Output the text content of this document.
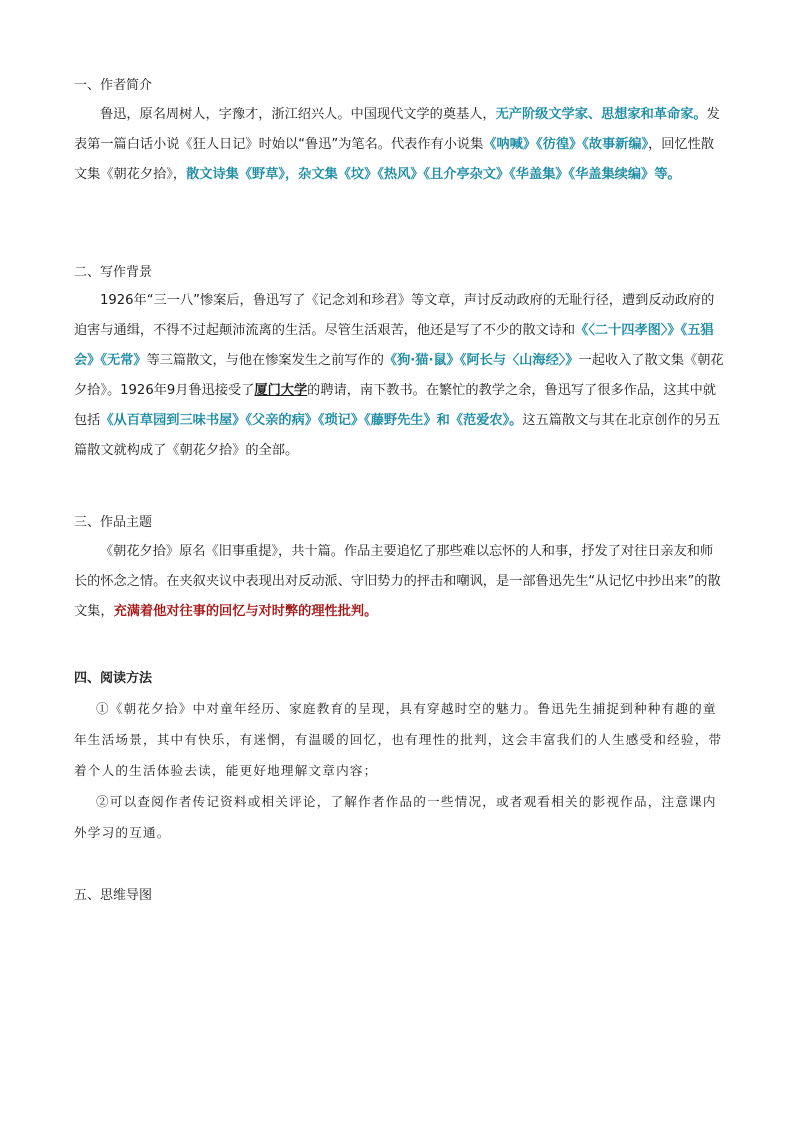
一、作者简介

鲁迅，原名周树人，字豫才，浙江绍兴人。中国现代文学的奠基人，无产阶级文学家、思想家和革命家。发表第一篇白话小说《狂人日记》时始以“鲁迅”为笔名。代表作有小说集《呐喊》《彷徨》《故事新编》，回忆性散文集《朝花夕拾》，散文诗集《野草》，杂文集《坟》《热风》《且介亭杂文》《华盖集》《华盖集续编》等。

二、写作背景

1926年“三一八”惨案后，鲁迅写了《记念刘和珍君》等文章，声讨反动政府的无耻行径，遭到反动政府的迫害与通缉，不得不过起颠沛流离的生活。尽管生活艰苦，他还是写了不少的散文诗和《〈二十四孝图〉》《五猖会》《无常》等三篇散文，与他在惨案发生之前写作的《狗·猫·鼠》《阿长与〈山海经〉》一起收入了散文集《朝花夕拾》。1926年9月鲁迅接受了厦门大学的聘请，南下教书。在繁忙的教学之余，鲁迅写了很多作品，这其中就包括《从百草园到三味书屋》《父亲的病》《琐记》《藤野先生》和《范爱农》。这五篇散文与其在北京创作的另五篇散文就构成了《朝花夕拾》的全部。

三、作品主题

《朝花夕拾》原名《旧事重提》，共十篇。作品主要追忆了那些难以忘怀的人和事，抒发了对往日亲友和师长的怀念之情。在夹叙夹议中表现出对反动派、守旧势力的抨击和嘲讽，是一部鲁迅先生“从记忆中抄出来”的散文集，充满着他对往事的回忆与对时弊的理性批判。

四、阅读方法

①《朝花夕拾》中对童年经历、家庭教育的呈现，具有穿越时空的魅力。鲁迅先生捕捉到种种有趣的童年生活场景，其中有快乐，有迷惘，有温暖的回忆，也有理性的批判，这会丰富我们的人生感受和经验，带着个人的生活体验去读，能更好地理解文章内容；

②可以查阅作者传记资料或相关评论，了解作者作品的一些情况，或者观看相关的影视作品，注意课内外学习的互通。

五、思维导图
